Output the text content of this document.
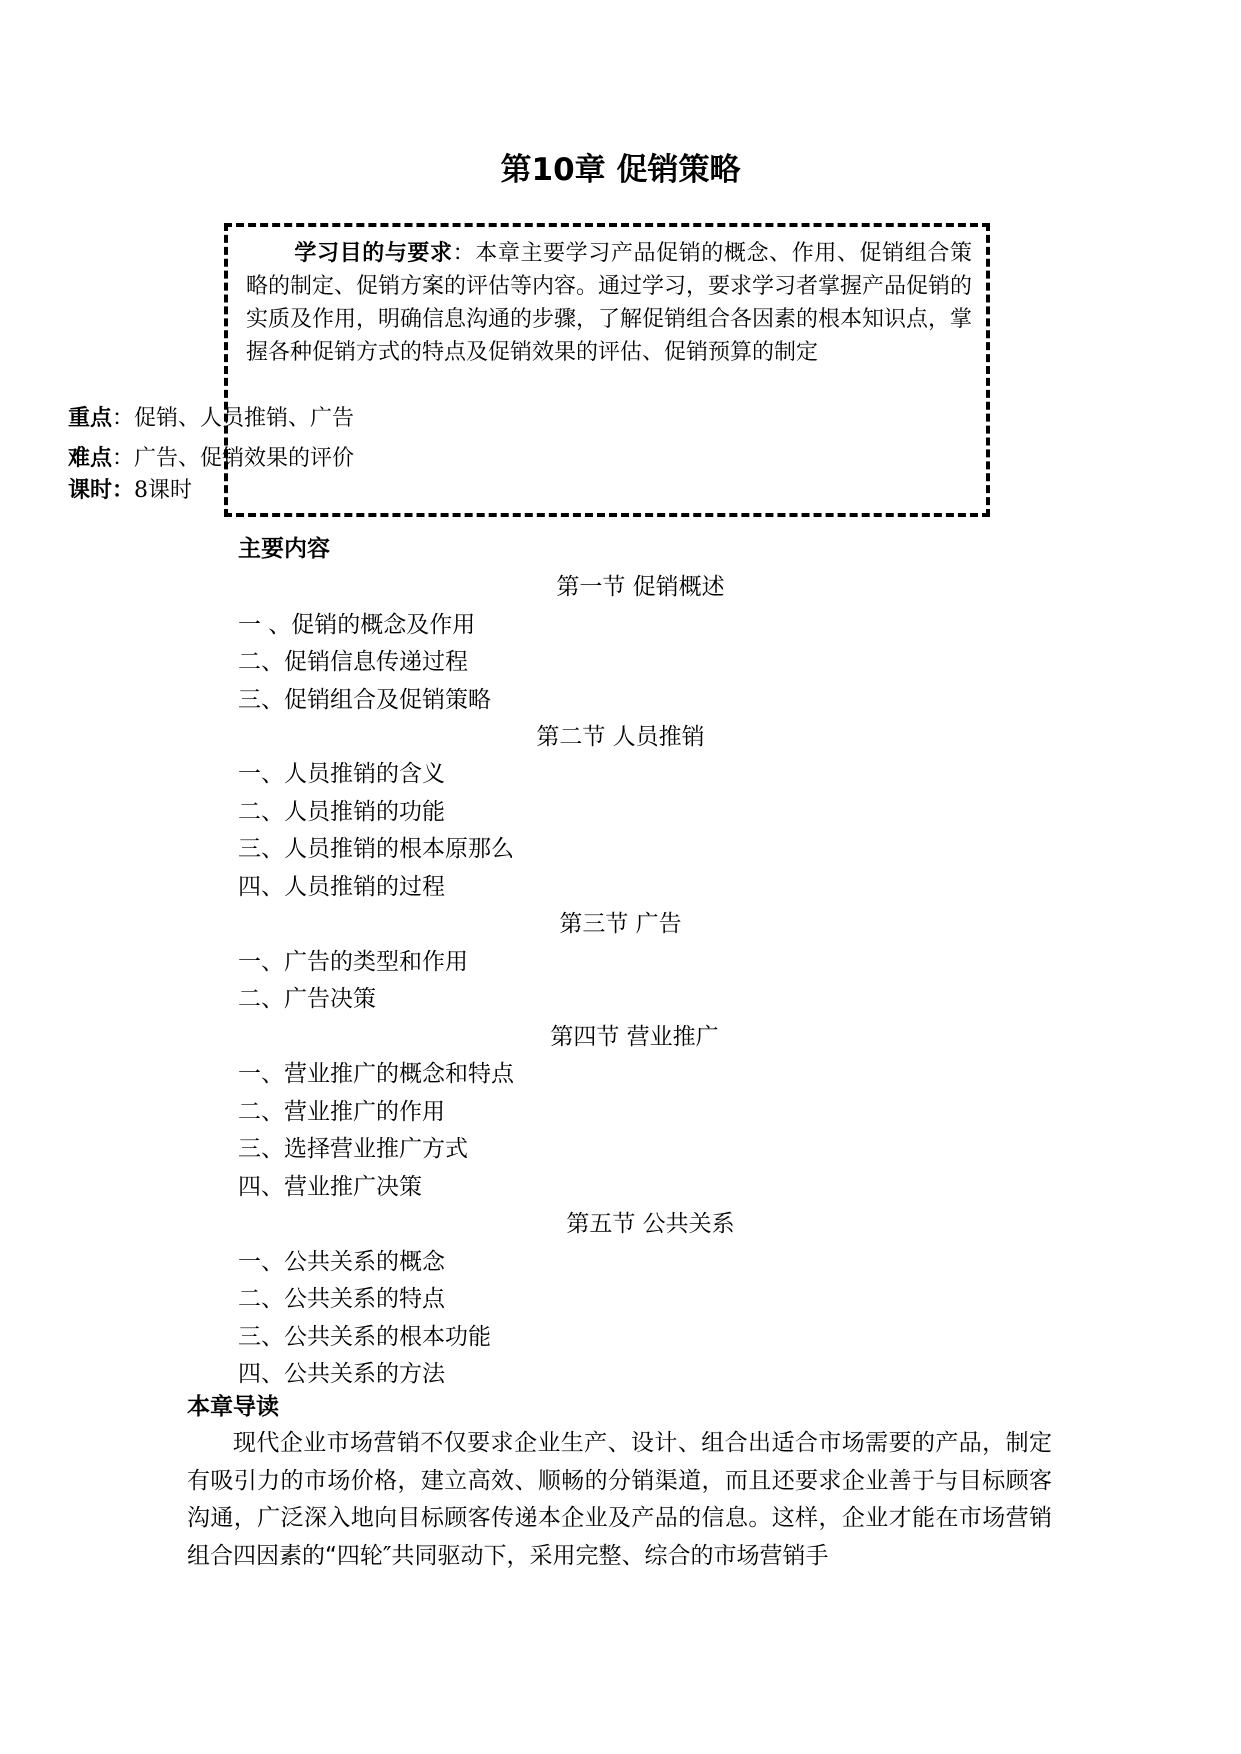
第10章 促销策略
学习目的与要求：本章主要学习产品促销的概念、作用、促销组合策略的制定、促销方案的评估等内容。通过学习，要求学习者掌握产品促销的实质及作用，明确信息沟通的步骤，了解促销组合各因素的根本知识点，掌握各种促销方式的特点及促销效果的评估、促销预算的制定
重点：促销、人员推销、广告
难点：广告、促销效果的评价
课时：8课时
主要内容
第一节 促销概述
一 、促销的概念及作用
二、促销信息传递过程
三、促销组合及促销策略
第二节 人员推销
一、人员推销的含义
二、人员推销的功能
三、人员推销的根本原那么
四、人员推销的过程
第三节 广告
一、广告的类型和作用
二、广告决策
第四节 营业推广
一、营业推广的概念和特点
二、营业推广的作用
三、选择营业推广方式
四、营业推广决策
第五节 公共关系
一、公共关系的概念
二、公共关系的特点
三、公共关系的根本功能
四、公共关系的方法
本章导读
现代企业市场营销不仅要求企业生产、设计、组合出适合市场需要的产品，制定有吸引力的市场价格，建立高效、顺畅的分销渠道，而且还要求企业善于与目标顾客沟通，广泛深入地向目标顾客传递本企业及产品的信息。这样，企业才能在市场营销组合四因素的“四轮″共同驱动下，采用完整、综合的市场营销手
